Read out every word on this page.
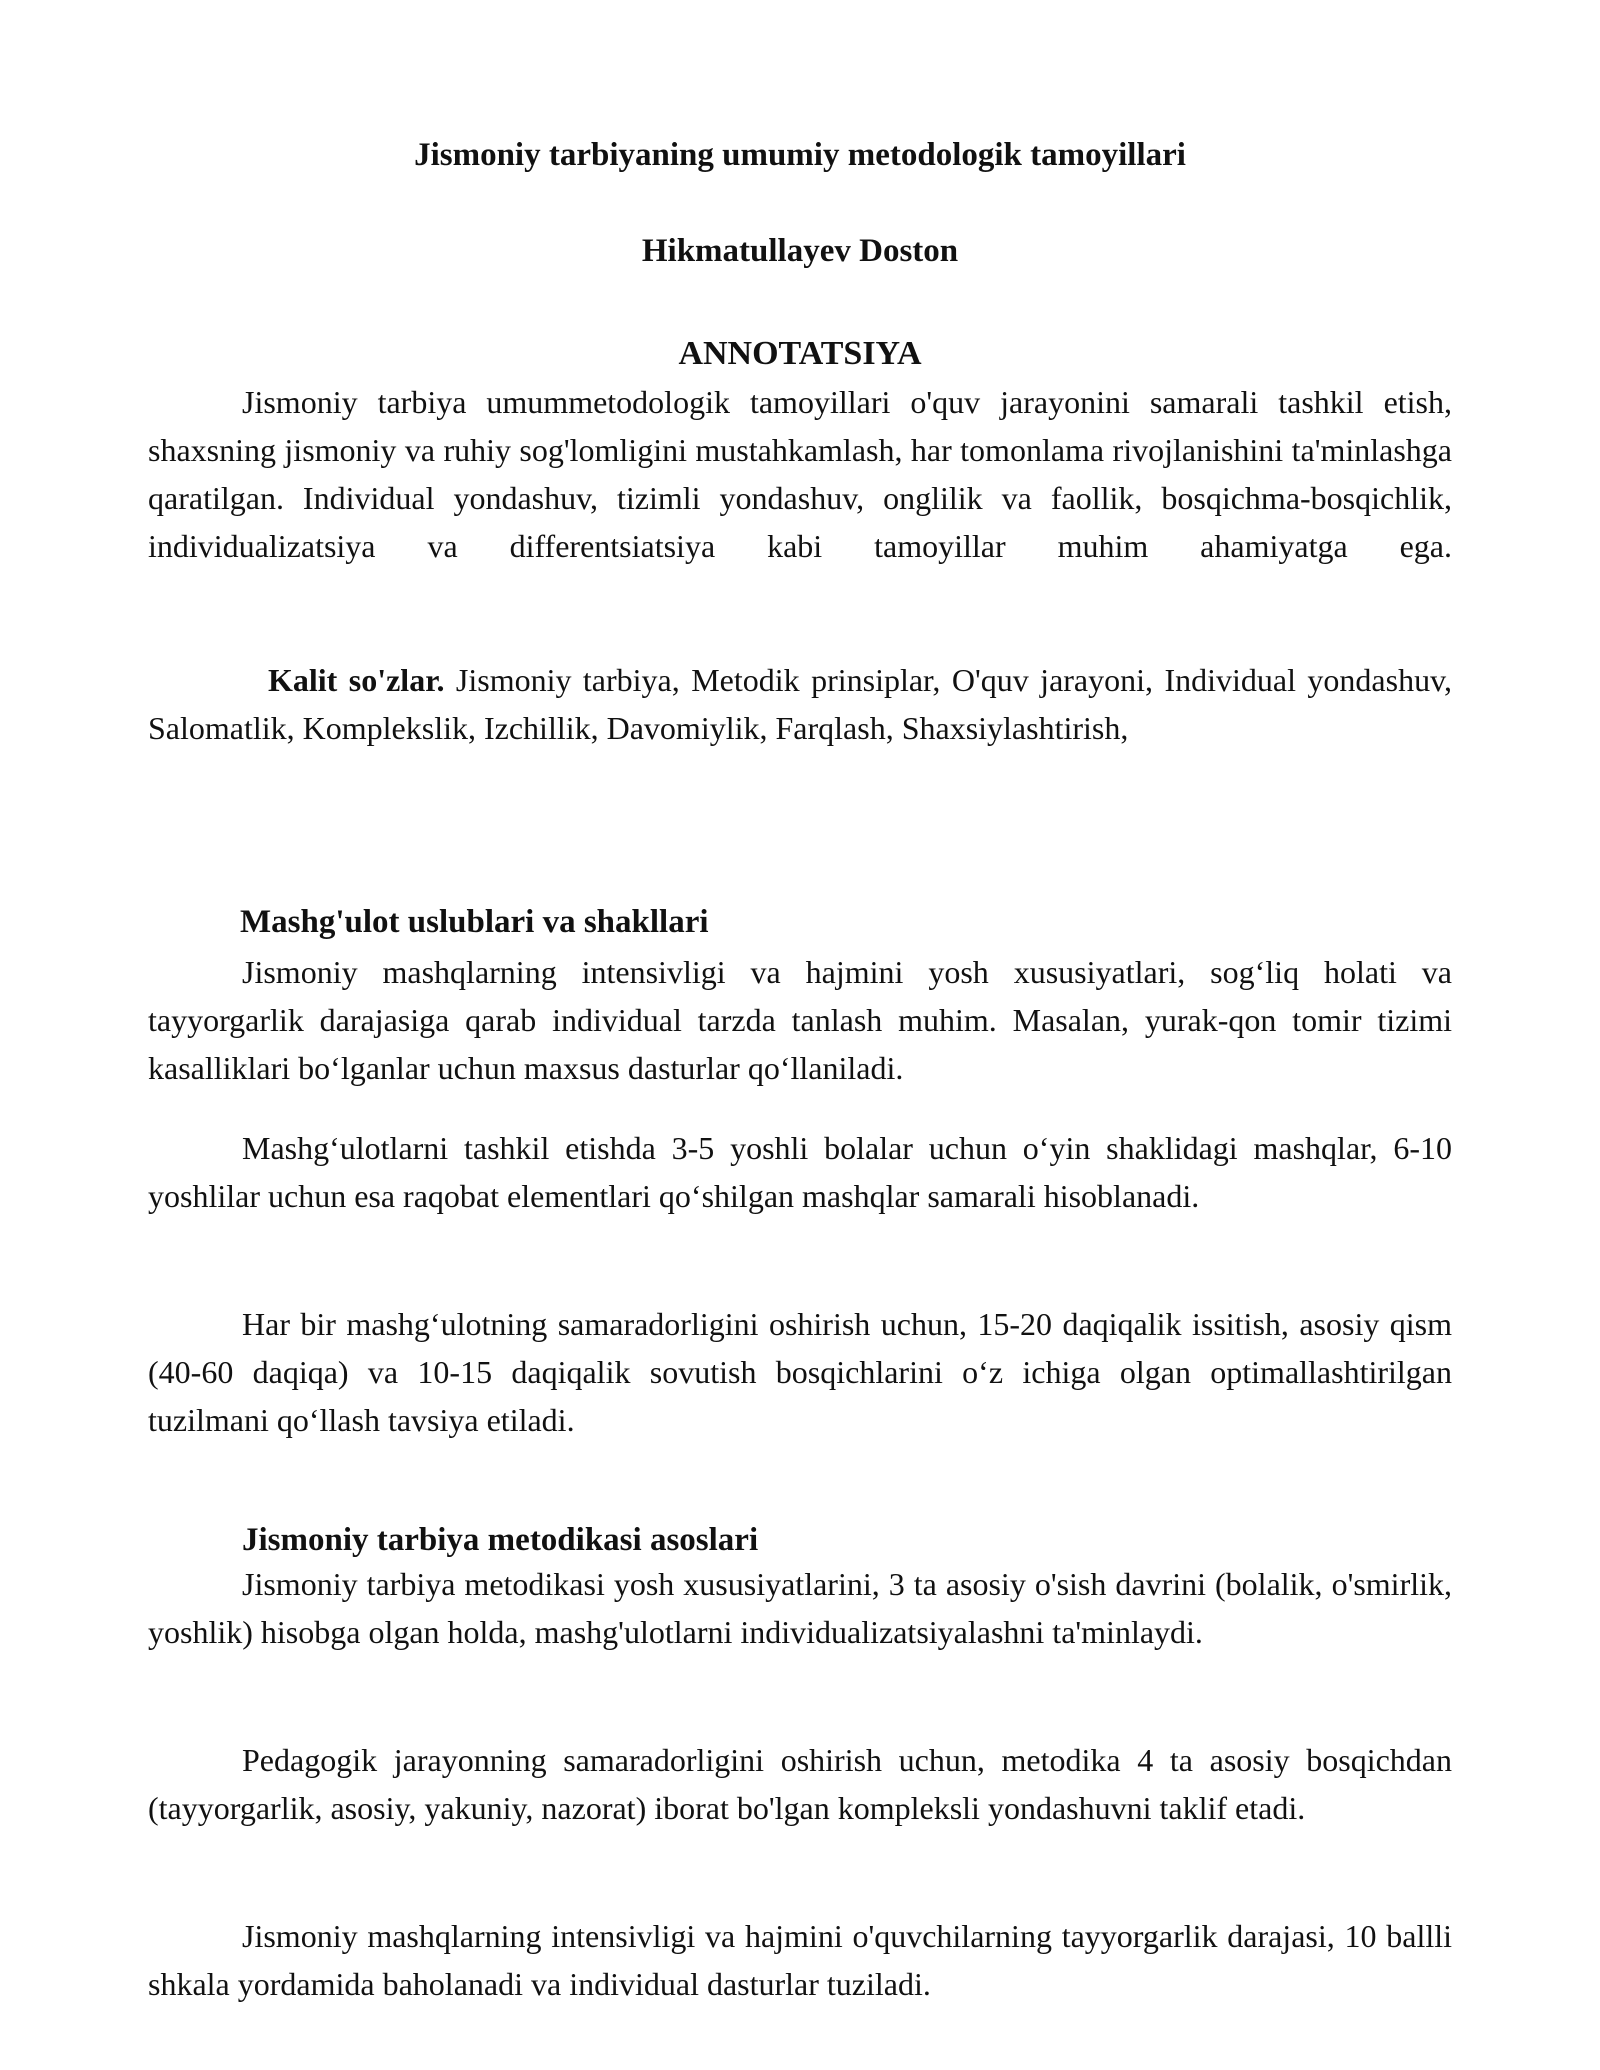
Jismoniy tarbiyaning umumiy metodologik tamoyillari
Hikmatullayev Doston
ANNOTATSIYA

Jismoniy tarbiya umummetodologik tamoyillari o'quv jarayonini samarali tashkil etish, shaxsning jismoniy va ruhiy sog'lomligini mustahkamlash, har tomonlama rivojlanishini ta'minlashga qaratilgan. Individual yondashuv, tizimli yondashuv, onglilik va faollik, bosqichma-bosqichlik, individualizatsiya va differentsiatsiya kabi tamoyillar muhim ahamiyatga ega.

Kalit so'zlar. Jismoniy tarbiya, Metodik prinsiplar, O'quv jarayoni, Individual yondashuv, Salomatlik, Komplekslik, Izchillik, Davomiylik, Farqlash, Shaxsiylashtirish,

Mashg'ulot uslublari va shakllari

Jismoniy mashqlarning intensivligi va hajmini yosh xususiyatlari, sog‘liq holati va tayyorgarlik darajasiga qarab individual tarzda tanlash muhim. Masalan, yurak-qon tomir tizimi kasalliklari bo‘lganlar uchun maxsus dasturlar qo‘llaniladi.

Mashg‘ulotlarni tashkil etishda 3-5 yoshli bolalar uchun o‘yin shaklidagi mashqlar, 6-10 yoshlilar uchun esa raqobat elementlari qo‘shilgan mashqlar samarali hisoblanadi.

Har bir mashg‘ulotning samaradorligini oshirish uchun, 15-20 daqiqalik issitish, asosiy qism (40-60 daqiqa) va 10-15 daqiqalik sovutish bosqichlarini o‘z ichiga olgan optimallashtirilgan tuzilmani qo‘llash tavsiya etiladi.

Jismoniy tarbiya metodikasi asoslari

Jismoniy tarbiya metodikasi yosh xususiyatlarini, 3 ta asosiy o'sish davrini (bolalik, o'smirlik, yoshlik) hisobga olgan holda, mashg'ulotlarni individualizatsiyalashni ta'minlaydi.

Pedagogik jarayonning samaradorligini oshirish uchun, metodika 4 ta asosiy bosqichdan (tayyorgarlik, asosiy, yakuniy, nazorat) iborat bo'lgan kompleksli yondashuvni taklif etadi.

Jismoniy mashqlarning intensivligi va hajmini o'quvchilarning tayyorgarlik darajasi, 10 ballli shkala yordamida baholanadi va individual dasturlar tuziladi.
